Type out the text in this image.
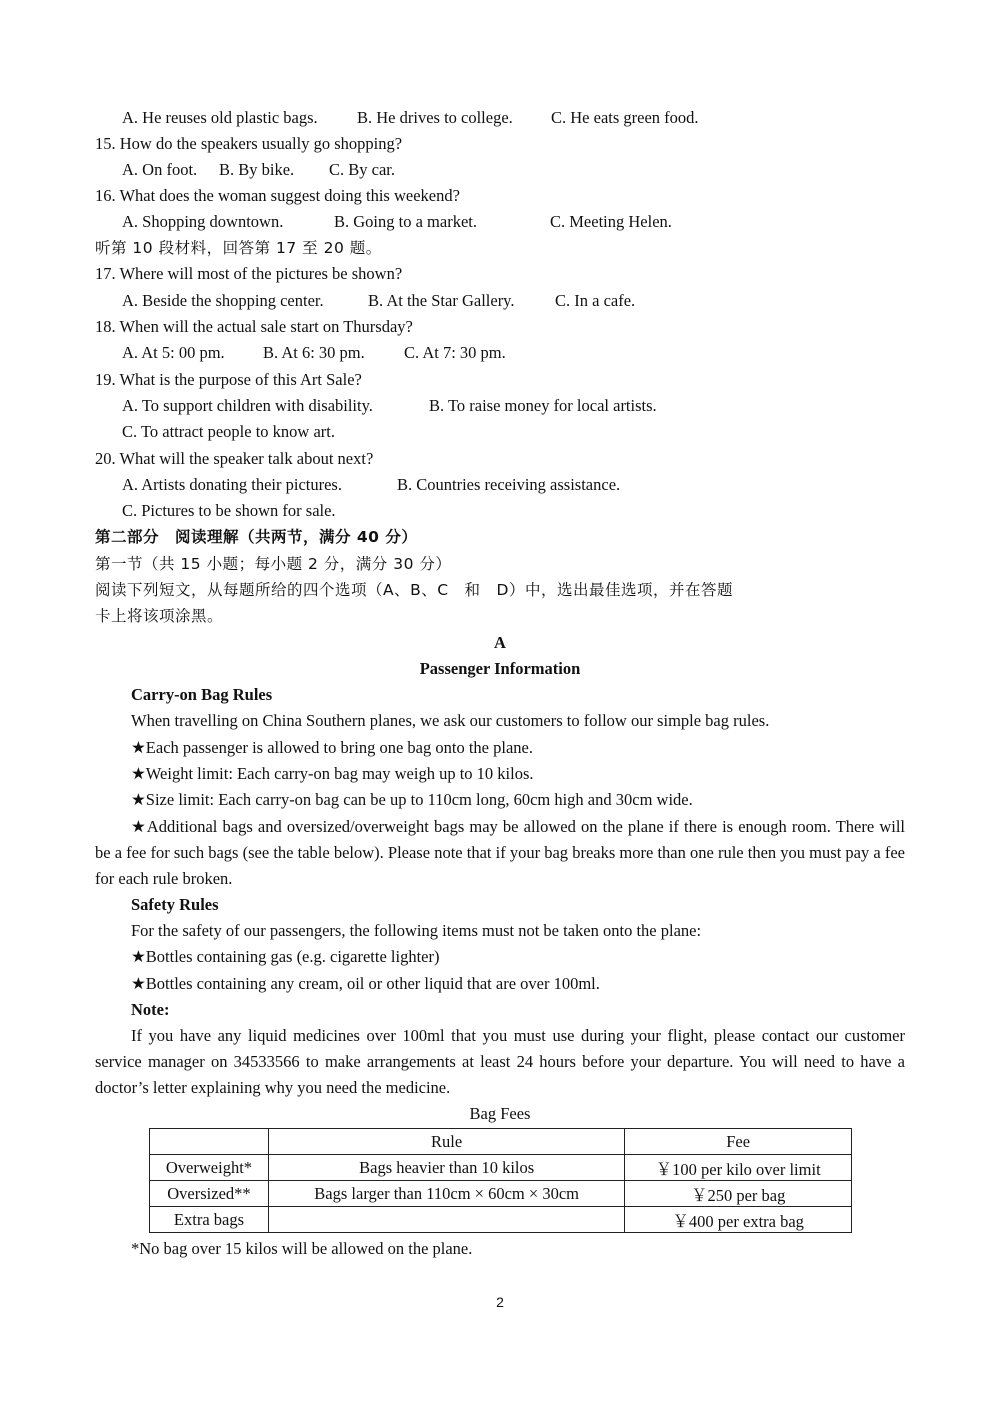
A. He reuses old plastic bags. B. He drives to college. C. He eats green food.
15. How do the speakers usually go shopping?
A. On foot. B. By bike. C. By car.
16. What does the woman suggest doing this weekend?
A. Shopping downtown.	B. Going to a market.	C. Meeting Helen.
听第 10 段材料，回答第 17 至 20 题。
17. Where will most of the pictures be shown?
A. Beside the shopping center.	B. At the Star Gallery. C. In a cafe.
18. When will the actual sale start on Thursday?
A. At 5: 00 pm. B. At 6: 30 pm. C. At 7: 30 pm.
19. What is the purpose of this Art Sale?
A. To support children with disability.	B. To raise money for local artists.
C. To attract people to know art.
20. What will the speaker talk about next?
A. Artists donating their pictures.	B. Countries receiving assistance.
C. Pictures to be shown for sale.
第二部分　阅读理解（共两节，满分 40 分）
第一节（共 15 小题；每小题 2 分，满分 30 分）
阅读下列短文，从每题所给的四个选项（A、B、C　和　D）中，选出最佳选项，并在答题
卡上将该项涂黑。
A
Passenger Information
Carry-on Bag Rules
When travelling on China Southern planes, we ask our customers to follow our simple bag rules.
★Each passenger is allowed to bring one bag onto the plane.
★Weight limit: Each carry-on bag may weigh up to 10 kilos.
★Size limit: Each carry-on bag can be up to 110cm long, 60cm high and 30cm wide.
★Additional bags and oversized/overweight bags may be allowed on the plane if there is enough room. There will be a fee for such bags (see the table below). Please note that if your bag breaks more than one rule then you must pay a fee for each rule broken.
Safety Rules
For the safety of our passengers, the following items must not be taken onto the plane:
★Bottles containing gas (e.g. cigarette lighter)
★Bottles containing any cream, oil or other liquid that are over 100ml.
Note:
If you have any liquid medicines over 100ml that you must use during your flight, please contact our customer service manager on 34533566 to make arrangements at least 24 hours before your departure. You will need to have a doctor’s letter explaining why you need the medicine.
Bag Fees
	Rule	Fee
Overweight*	Bags heavier than 10 kilos	￥100 per kilo over limit
Oversized**	Bags larger than 110cm × 60cm × 30cm	￥250 per bag
Extra bags		￥400 per extra bag
*No bag over 15 kilos will be allowed on the plane.
2
